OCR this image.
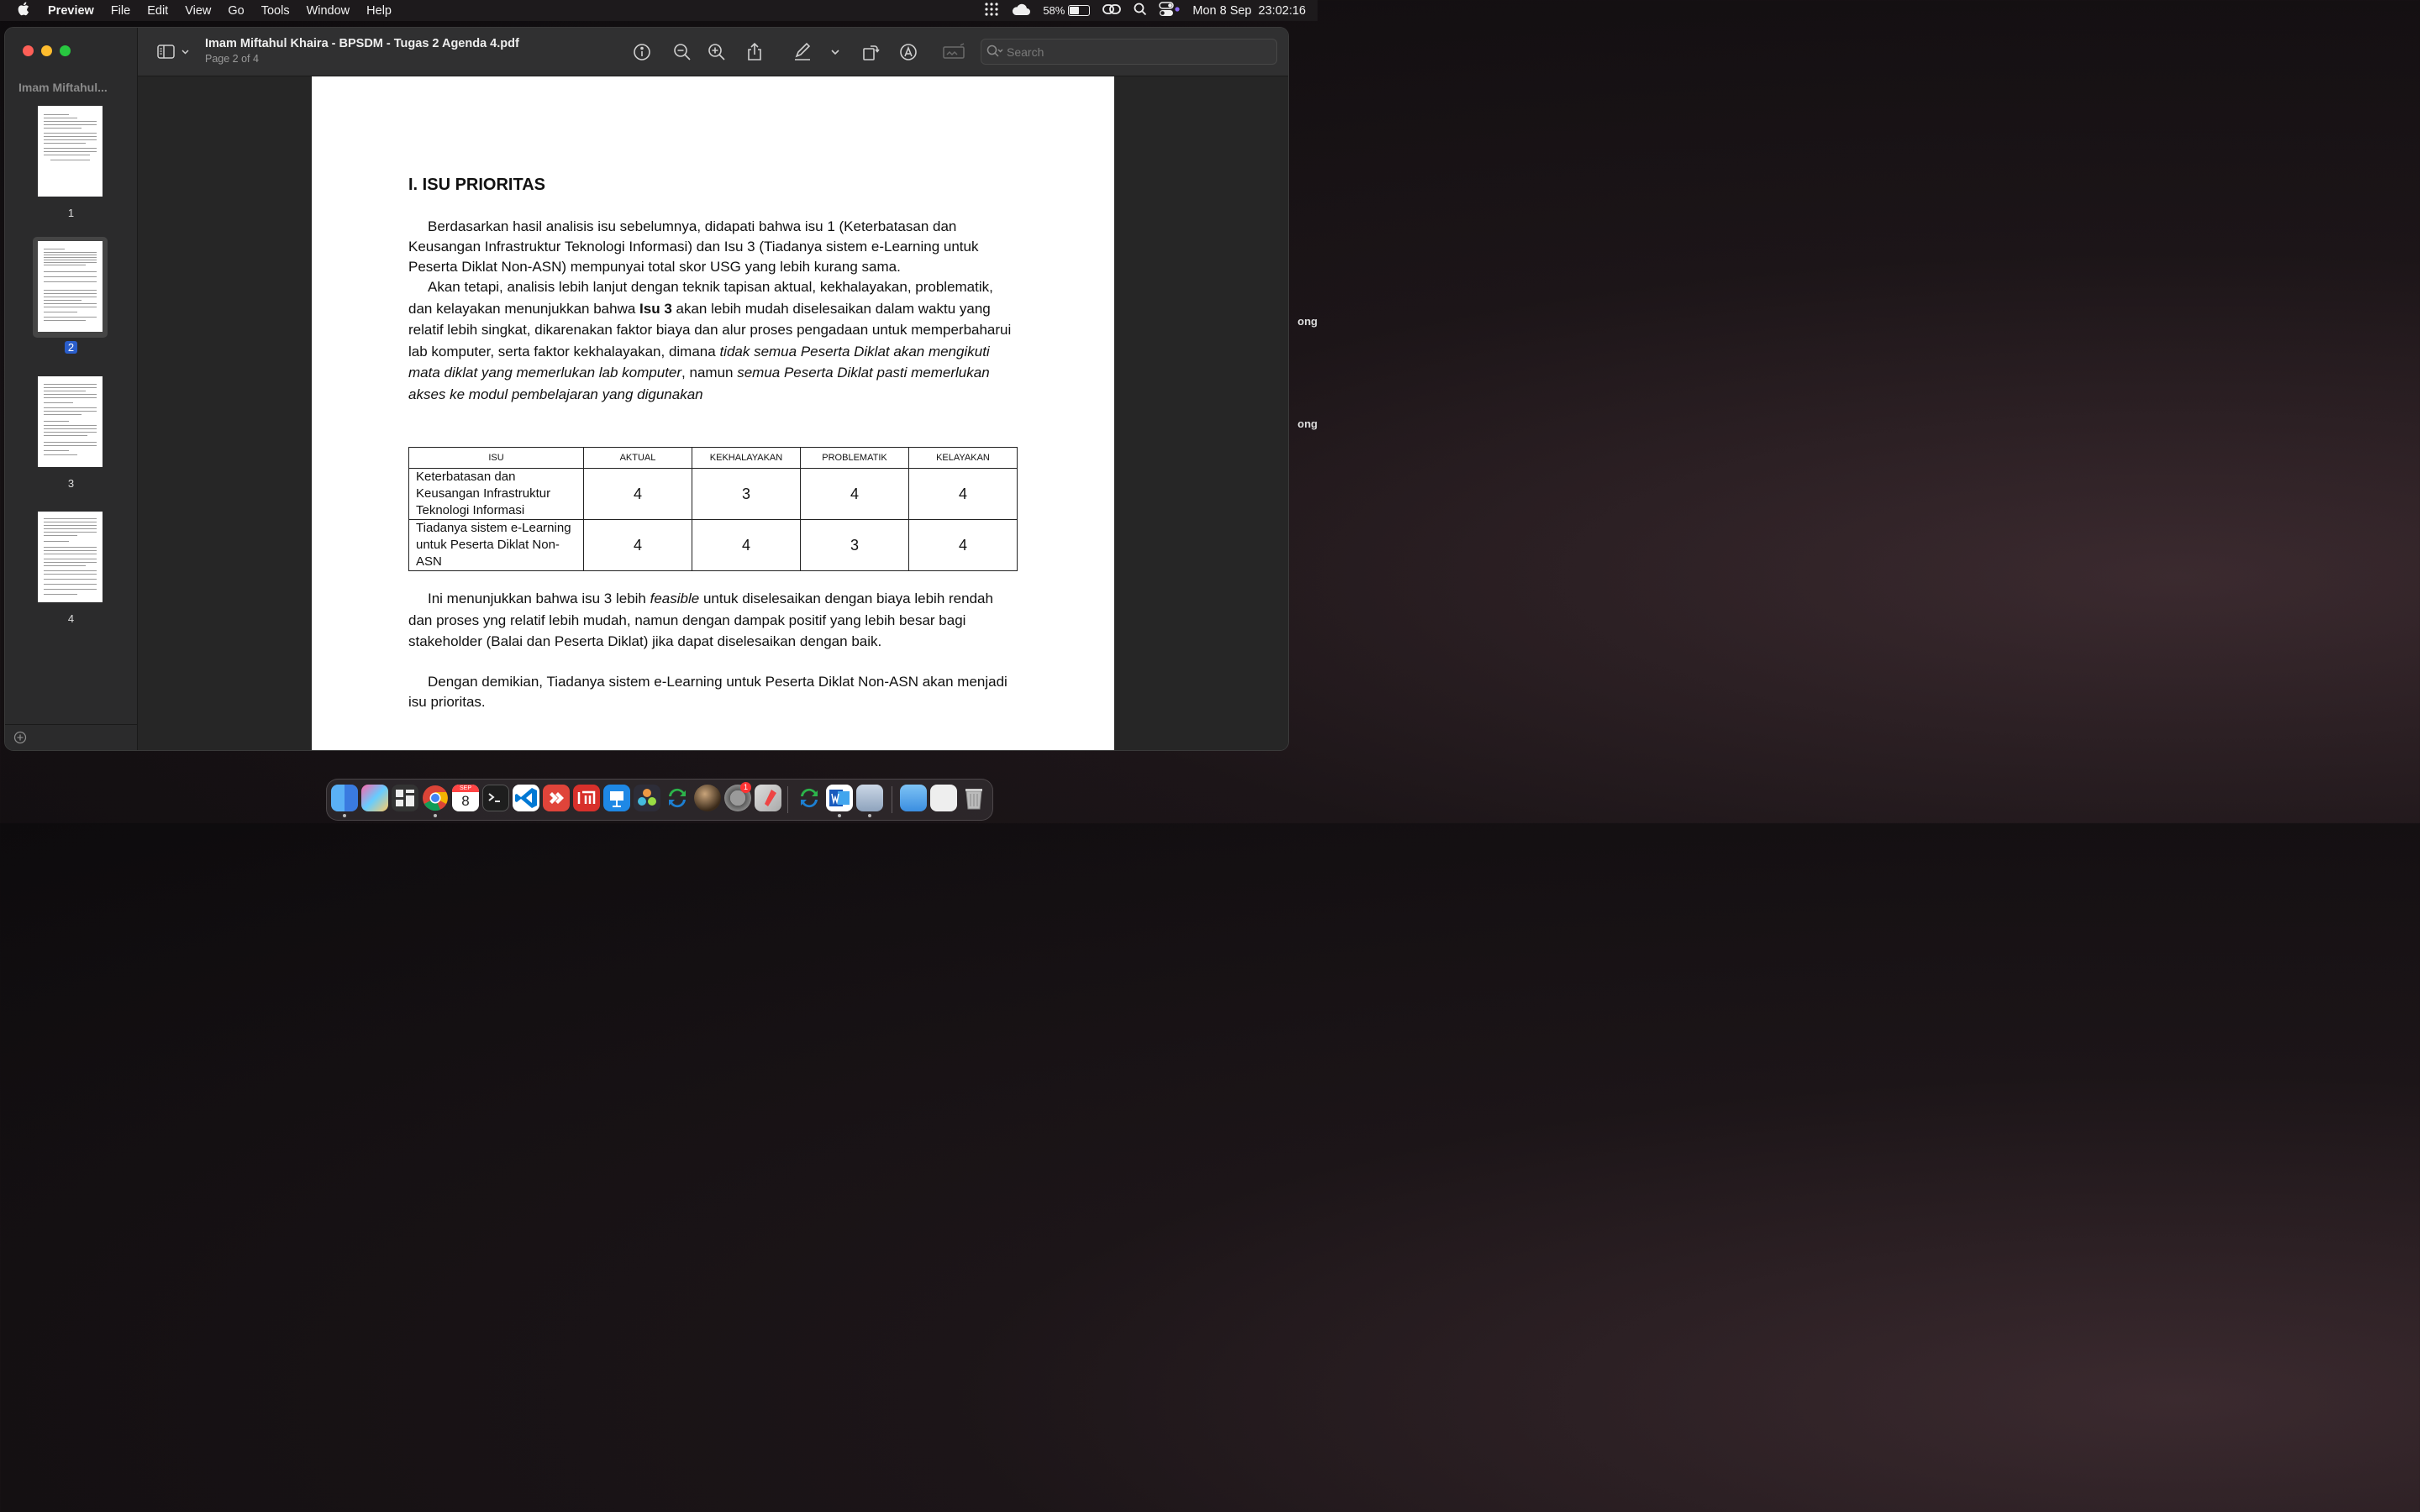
Preview File Edit View Go Tools Window Help	58%	Mon 8 Sep  23:02:16
ong
ong
Imam Miftahul...
1
2
3
4
Imam Miftahul Khaira - BPSDM - Tugas 2 Agenda 4.pdf
Page 2 of 4
Search
I. ISU PRIORITAS
Berdasarkan hasil analisis isu sebelumnya, didapati bahwa isu 1 (Keterbatasan dan Keusangan Infrastruktur Teknologi Informasi) dan Isu 3 (Tiadanya sistem e-Learning untuk Peserta Diklat Non-ASN) mempunyai total skor USG yang lebih kurang sama.
Akan tetapi, analisis lebih lanjut dengan teknik tapisan aktual, kekhalayakan, problematik, dan kelayakan menunjukkan bahwa Isu 3 akan lebih mudah diselesaikan dalam waktu yang relatif lebih singkat, dikarenakan faktor biaya dan alur proses pengadaan untuk memperbaharui lab komputer, serta faktor kekhalayakan, dimana tidak semua Peserta Diklat akan mengikuti mata diklat yang memerlukan lab komputer, namun semua Peserta Diklat pasti memerlukan akses ke modul pembelajaran yang digunakan
ISU	AKTUAL	KEKHALAYAKAN	PROBLEMATIK	KELAYAKAN
Keterbatasan dan Keusangan Infrastruktur Teknologi Informasi	4	3	4	4
Tiadanya sistem e-Learning untuk Peserta Diklat Non-ASN	4	4	3	4
Ini menunjukkan bahwa isu 3 lebih feasible untuk diselesaikan dengan biaya lebih rendah dan proses yng relatif lebih mudah, namun dengan dampak positif yang lebih besar bagi stakeholder (Balai dan Peserta Diklat) jika dapat diselesaikan dengan baik.
Dengan demikian, Tiadanya sistem e-Learning untuk Peserta Diklat Non-ASN akan menjadi isu prioritas.
SEP
8
1
